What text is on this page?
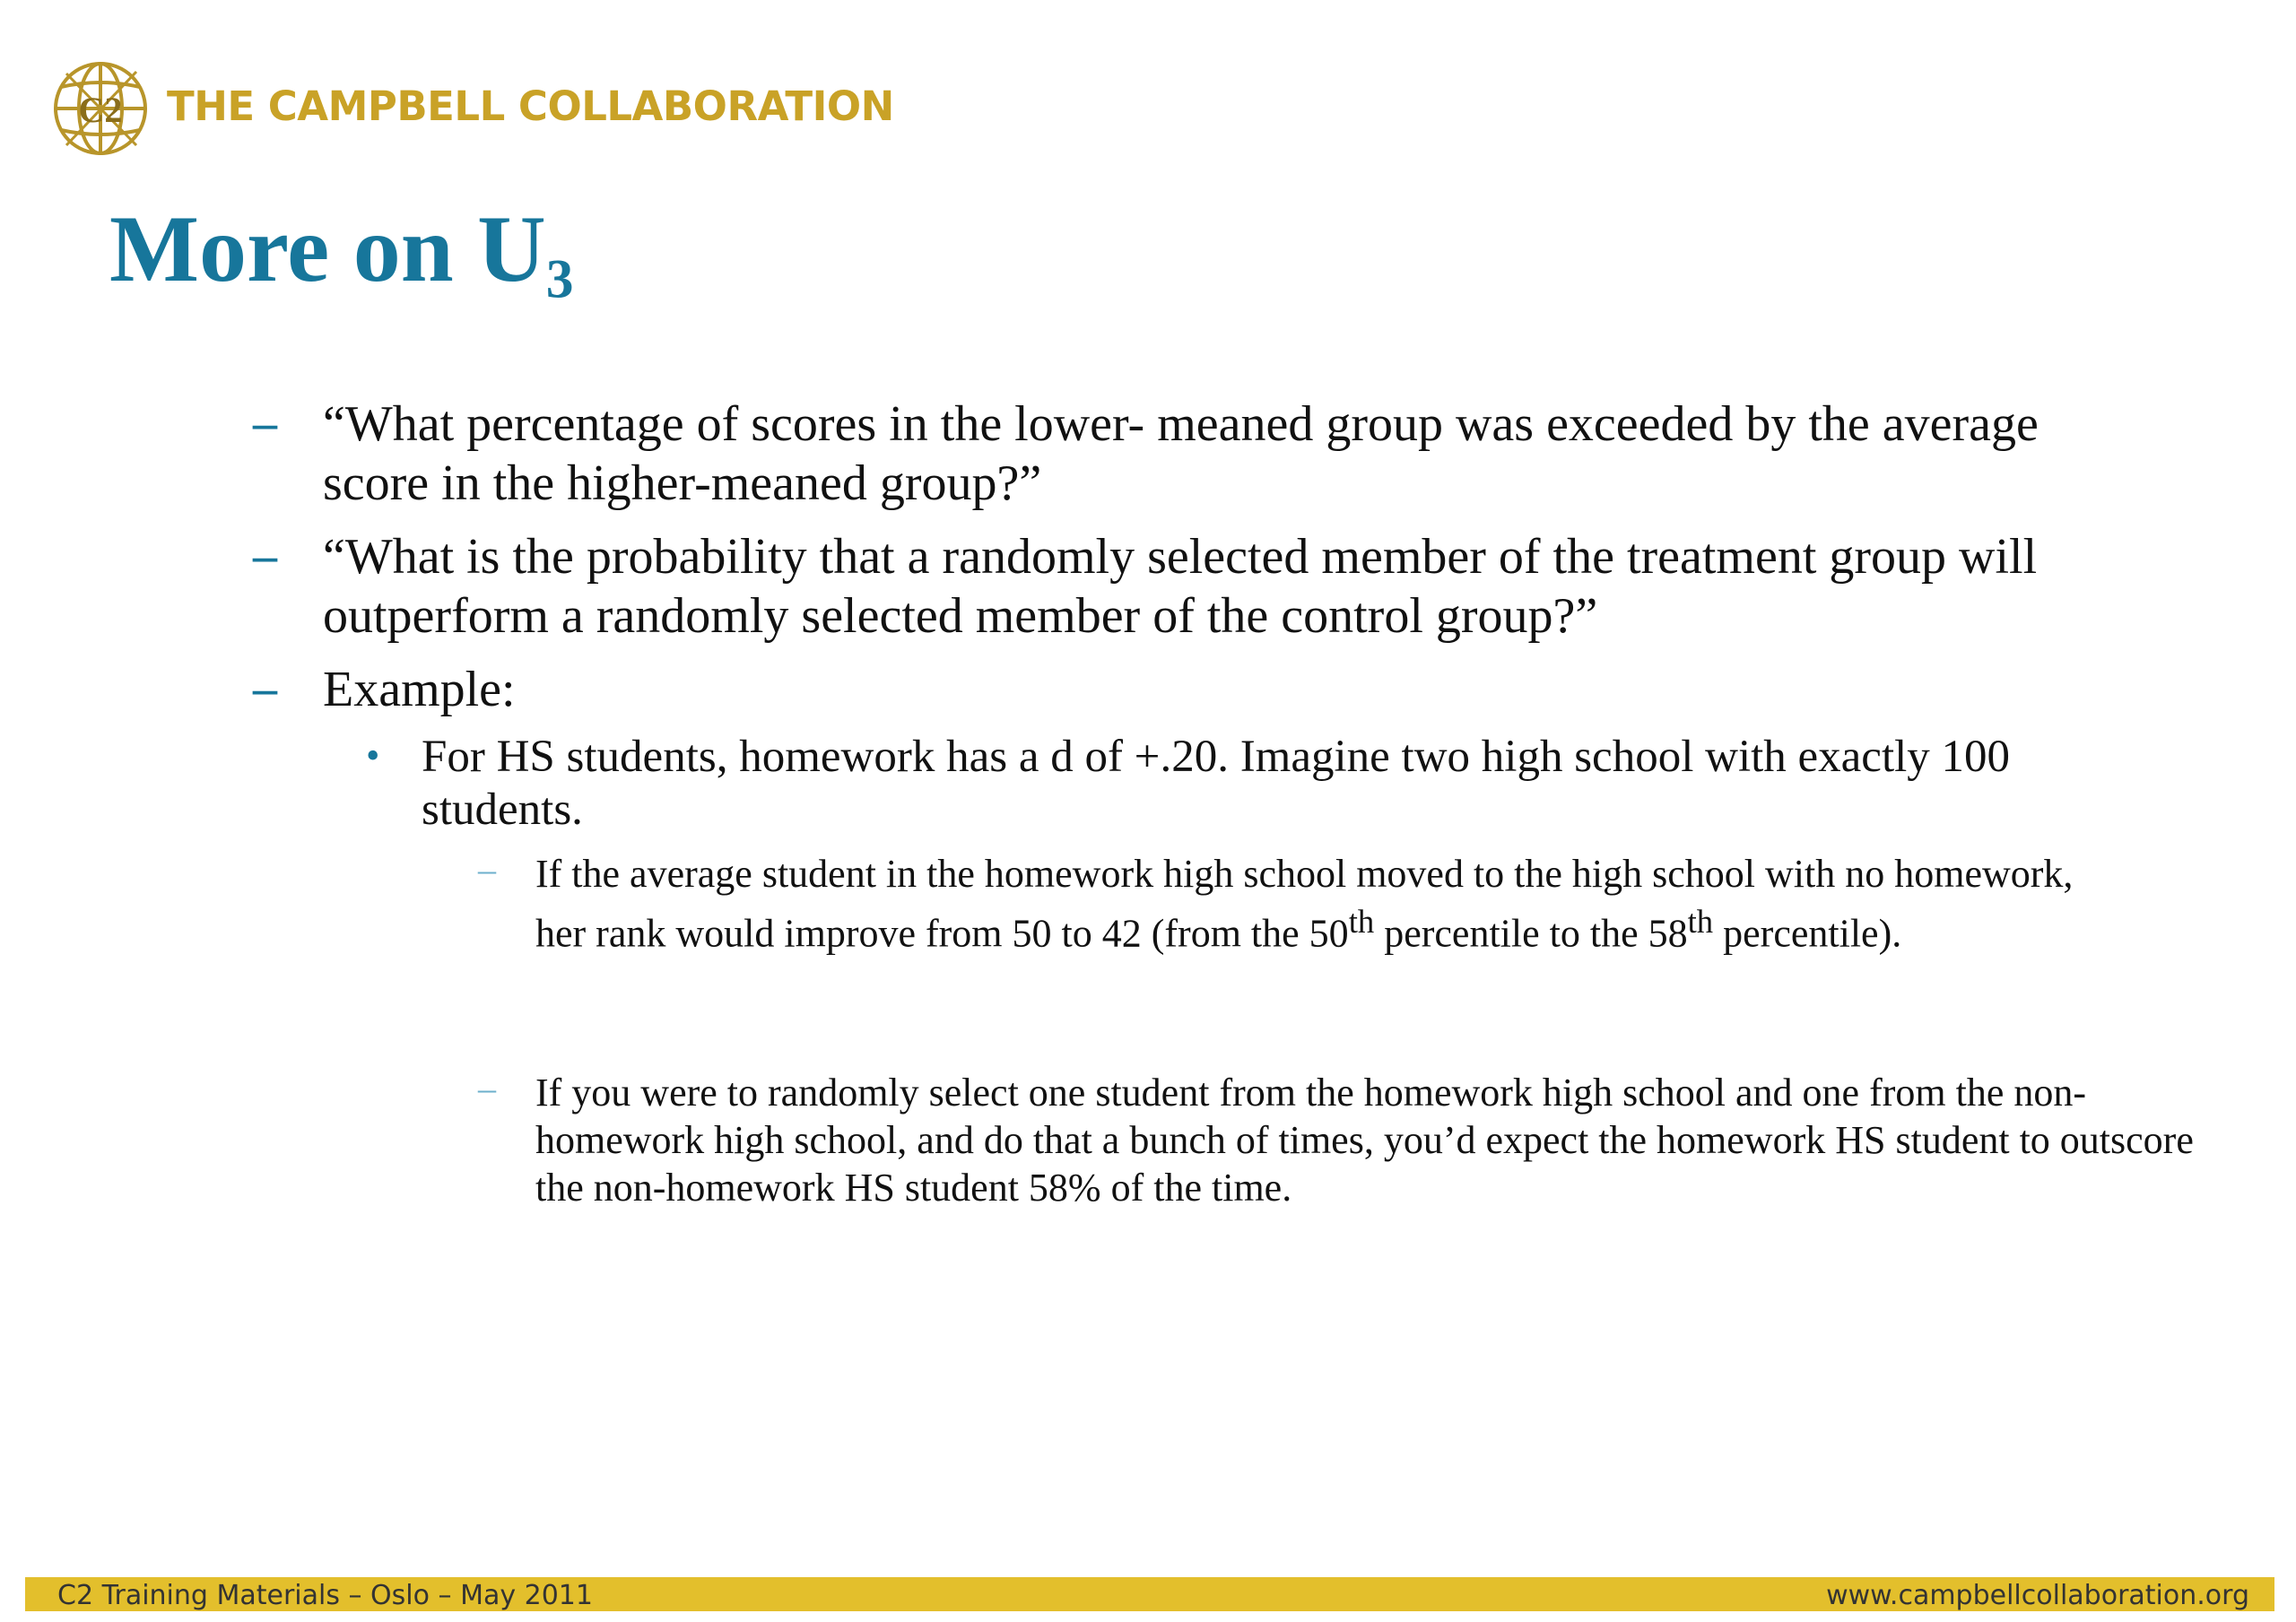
C2 THE CAMPBELL COLLABORATION
More on $U_3$
– “What percentage of scores in the lower- meaned group was exceeded by the average score in the higher-meaned group?”

– “What is the probability that a randomly selected member of the treatment group will outperform a randomly selected member of the control group?”

– Example:

• For HS students, homework has a d of +.20. Imagine two high school with exactly 100 students.

– If the average student in the homework high school moved to the high school with no homework, her rank would improve from 50 to 42 (from the 50th percentile to the 58th percentile).

– If you were to randomly select one student from the homework high school and one from the non-homework high school, and do that a bunch of times, you’d expect the homework HS student to outscore the non-homework HS student 58% of the time.

C2 Training Materials – Oslo – May 2011	www.campbellcollaboration.org
